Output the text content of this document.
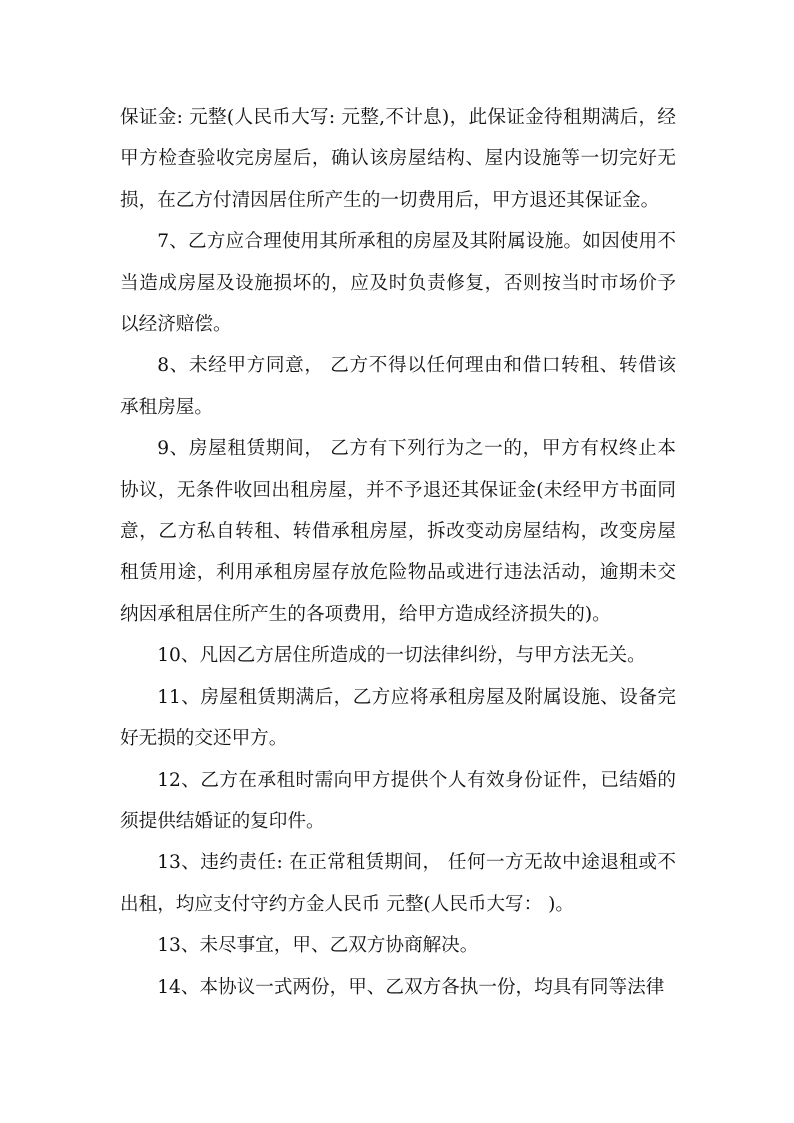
保证金: 元整(人民币大写: 元整,不计息)，此保证金待租期满后，经甲方检查验收完房屋后，确认该房屋结构、屋内设施等一切完好无损，在乙方付清因居住所产生的一切费用后，甲方退还其保证金。

7、乙方应合理使用其所承租的房屋及其附属设施。如因使用不当造成房屋及设施损坏的，应及时负责修复，否则按当时市场价予以经济赔偿。

8、未经甲方同意， 乙方不得以任何理由和借口转租、转借该承租房屋。

9、房屋租赁期间， 乙方有下列行为之一的，甲方有权终止本协议，无条件收回出租房屋，并不予退还其保证金(未经甲方书面同意，乙方私自转租、转借承租房屋，拆改变动房屋结构，改变房屋租赁用途，利用承租房屋存放危险物品或进行违法活动，逾期未交纳因承租居住所产生的各项费用，给甲方造成经济损失的)。

10、凡因乙方居住所造成的一切法律纠纷，与甲方法无关。

11、房屋租赁期满后，乙方应将承租房屋及附属设施、设备完好无损的交还甲方。

12、乙方在承租时需向甲方提供个人有效身份证件，已结婚的须提供结婚证的复印件。

13、违约责任: 在正常租赁期间， 任何一方无故中途退租或不出租，均应支付守约方金人民币 元整(人民币大写： )。

13、未尽事宜，甲、乙双方协商解决。

14、本协议一式两份，甲、乙双方各执一份，均具有同等法律
